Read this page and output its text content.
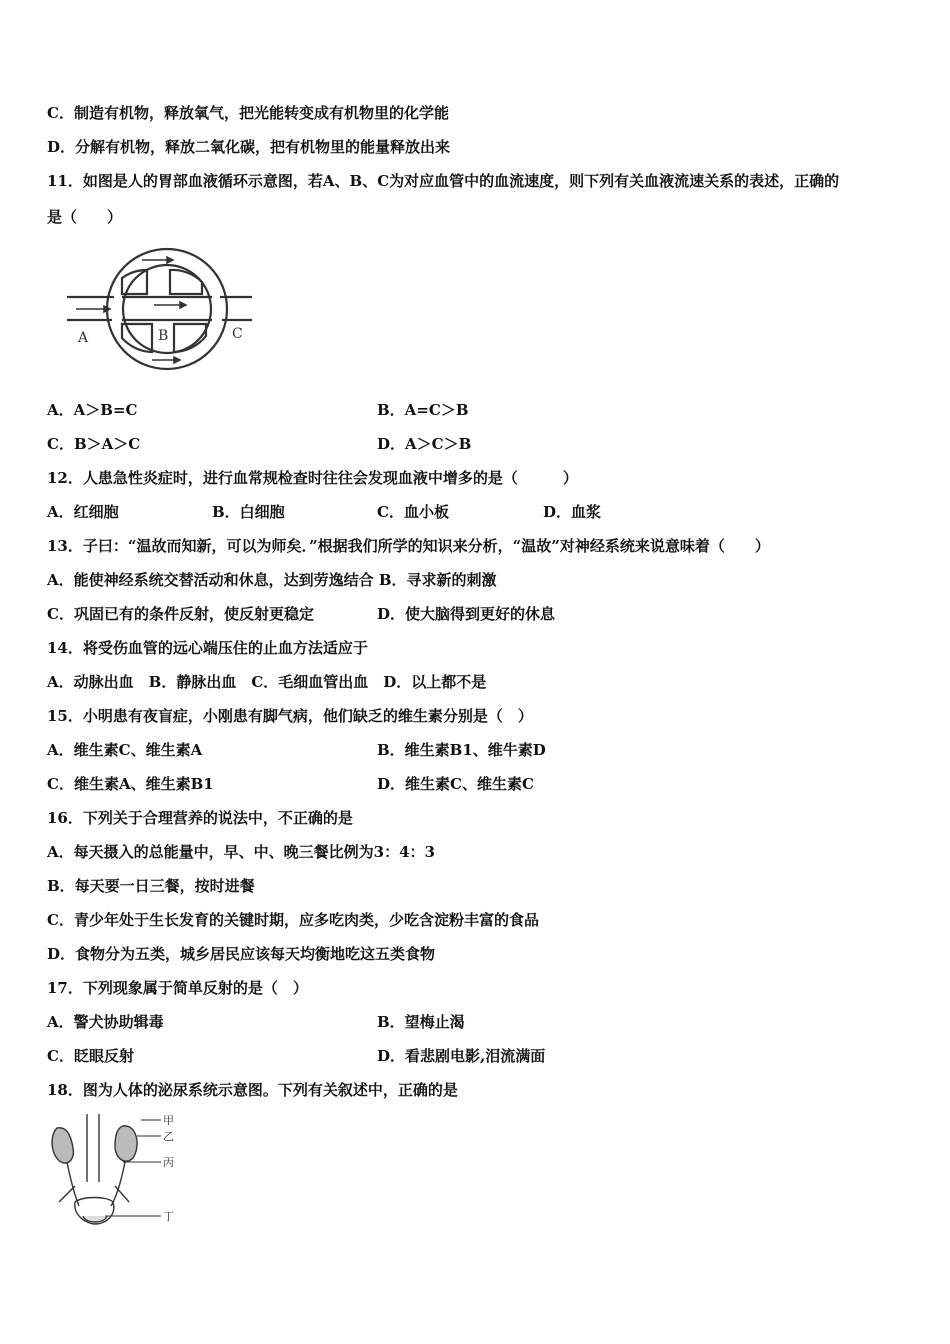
C．制造有机物，释放氧气，把光能转变成有机物里的化学能
D．分解有机物，释放二氧化碳，把有机物里的能量释放出来
11．如图是人的胃部血液循环示意图，若A、B、C为对应血管中的血流速度，则下列有关血液流速关系的表述，正确的
是（　　）
A	B	C
A．A＞B=C	B．A=C＞B
C．B＞A＞C	D．A＞C＞B
12．人患急性炎症时，进行血常规检查时往往会发现血液中增多的是（　　　）
A．红细胞	B．白细胞	C．血小板	D．血浆
13．子曰：“温故而知新，可以为师矣．”根据我们所学的知识来分析，“温故”对神经系统来说意味着（　　）
A．能使神经系统交替活动和休息，达到劳逸结合 B．寻求新的刺激
C．巩固已有的条件反射，使反射更稳定	D．使大脑得到更好的休息
14．将受伤血管的远心端压住的止血方法适应于
A．动脉出血　B．静脉出血　C．毛细血管出血　D．以上都不是
15．小明患有夜盲症，小刚患有脚气病，他们缺乏的维生素分别是（　）
A．维生素C、维生素A	B．维生素B1、维牛素D
C．维生素A、维生素B1	D．维生素C、维生素C
16．下列关于合理营养的说法中，不正确的是
A．每天摄入的总能量中，早、中、晚三餐比例为3：4：3
B．每天要一日三餐，按时进餐
C．青少年处于生长发育的关键时期，应多吃肉类，少吃含淀粉丰富的食品
D．食物分为五类，城乡居民应该每天均衡地吃这五类食物
17．下列现象属于简单反射的是（　）
A．警犬协助辑毒	B．望梅止渴
C．眨眼反射	D．看悲剧电影,泪流满面
18．图为人体的泌尿系统示意图。下列有关叙述中，正确的是
甲
乙
丙
丁
